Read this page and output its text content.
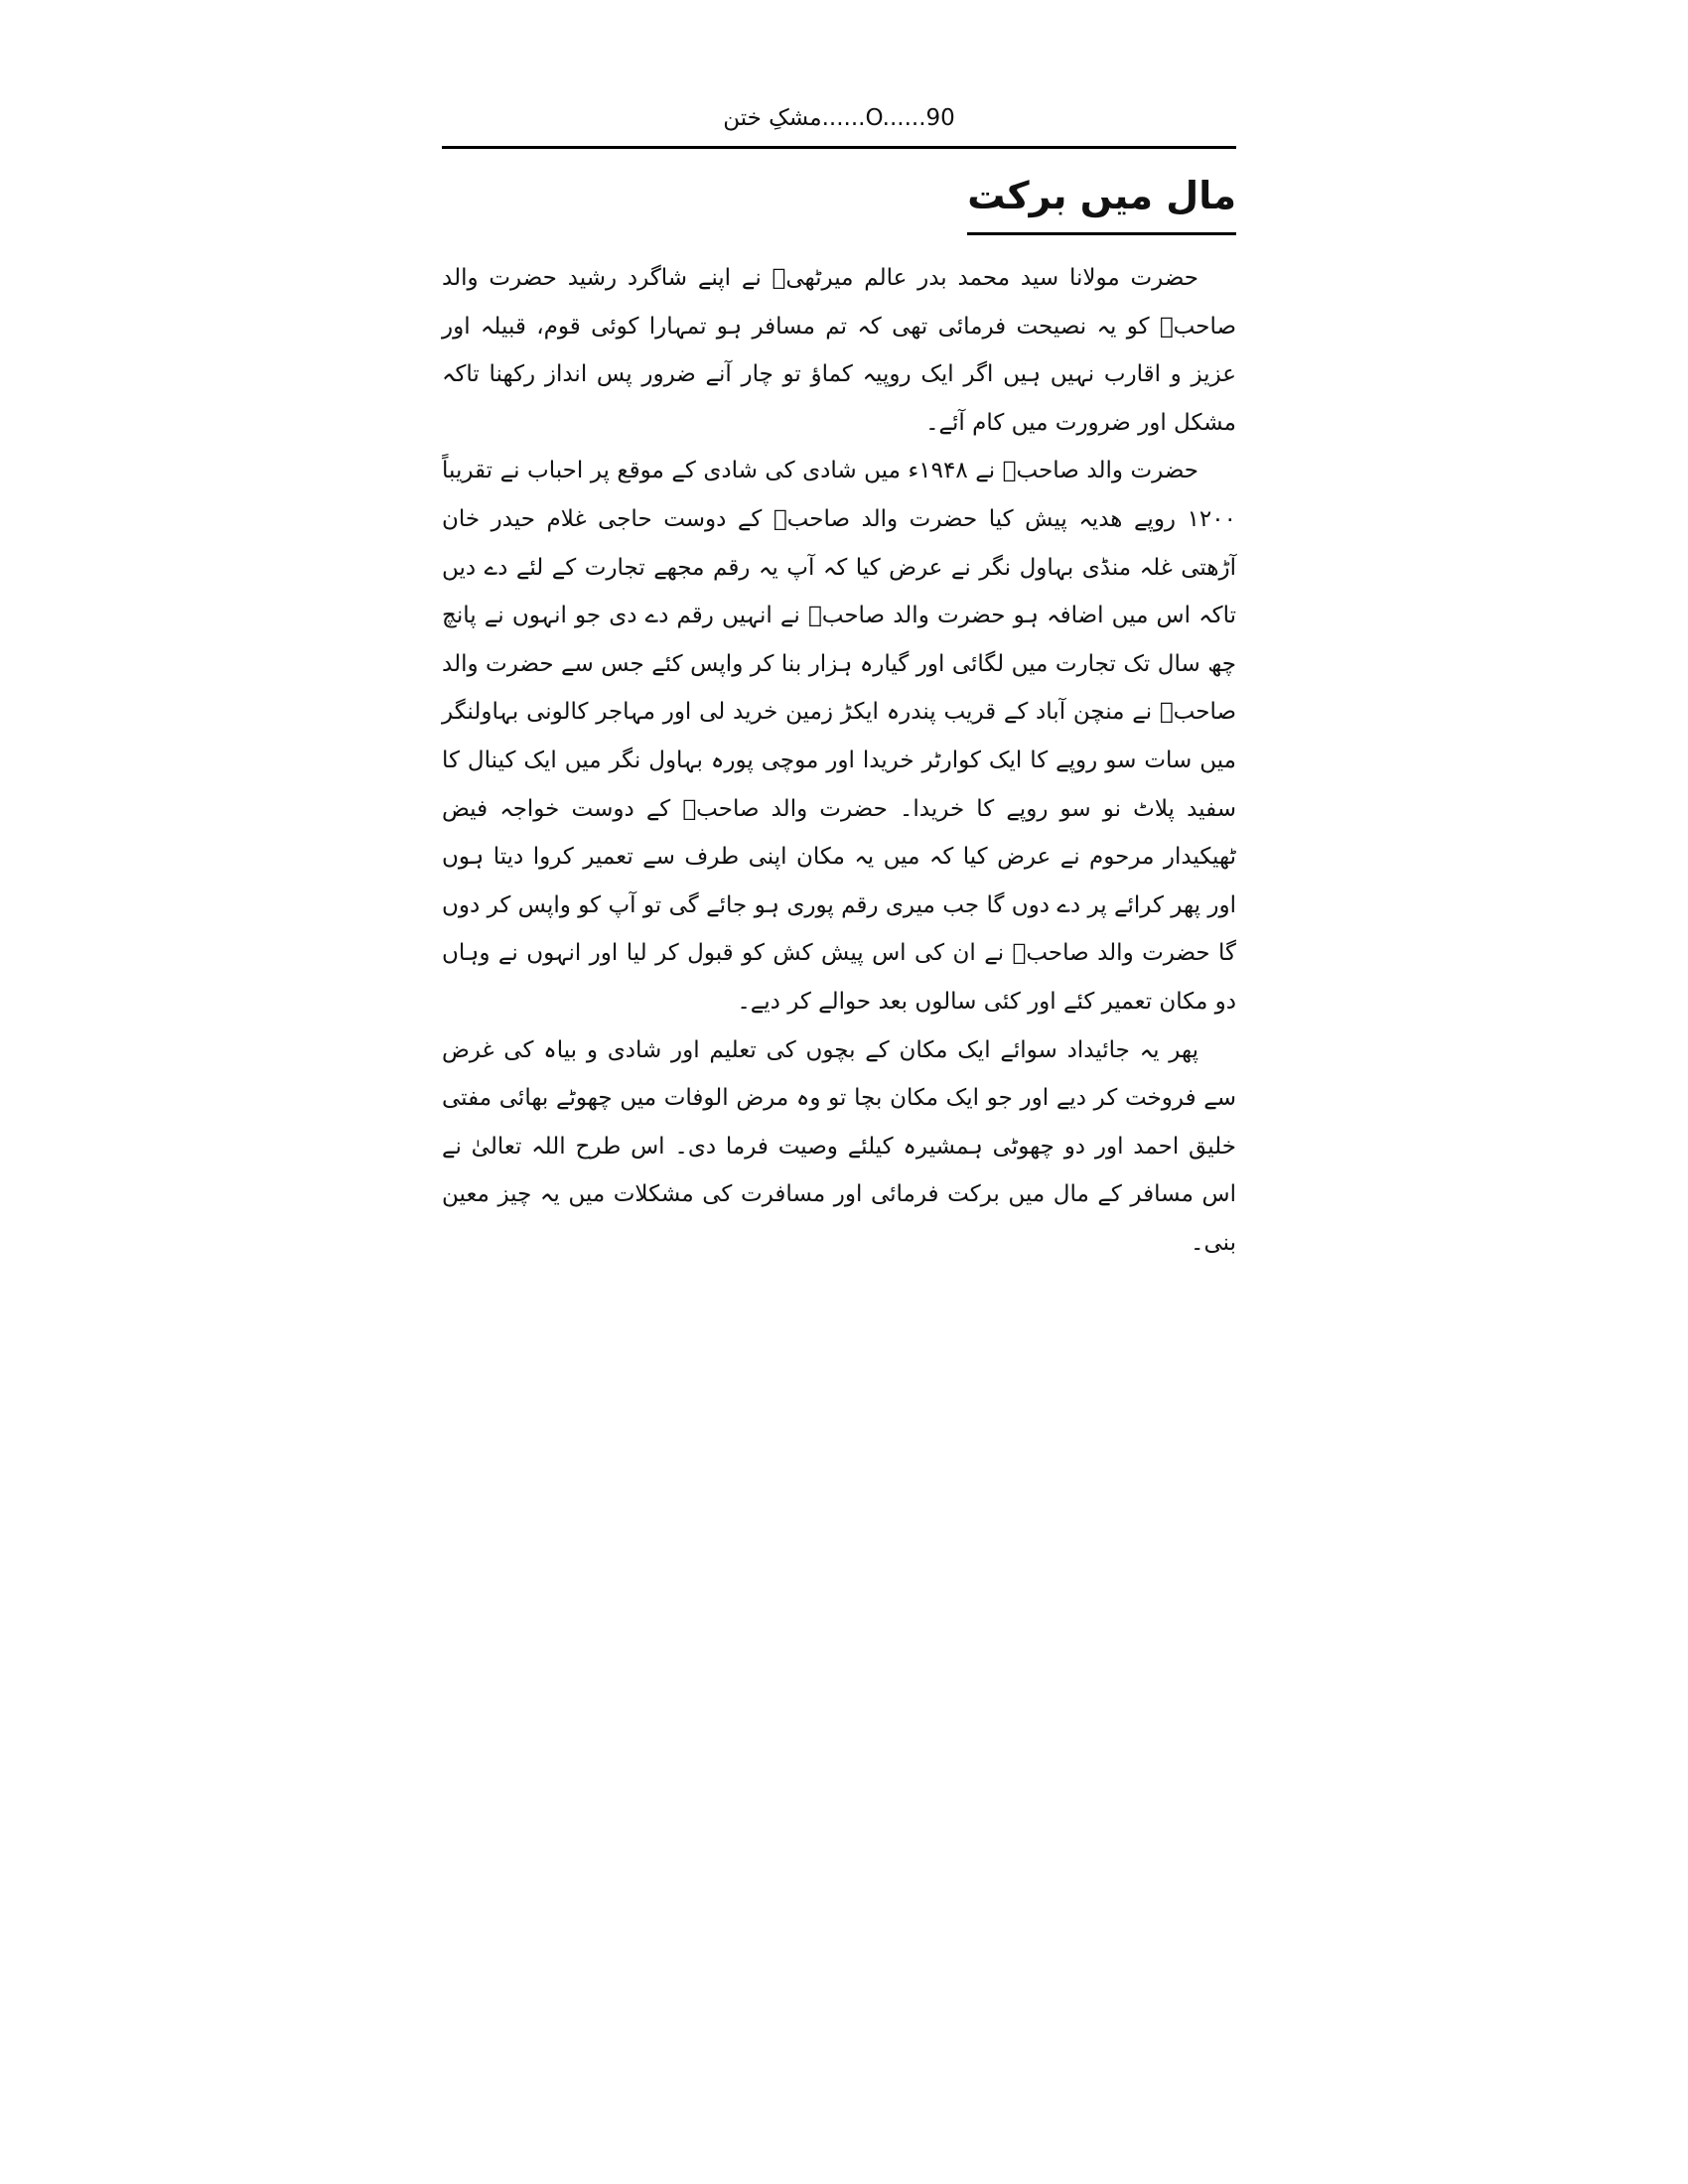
مشکِ ختن......O......90
مال میں برکت

حضرت مولانا سید محمد بدر عالم میرٹھیؒ نے اپنے شاگرد رشید حضرت والد صاحبؒ کو یہ نصیحت فرمائی تھی کہ تم مسافر ہو تمہارا کوئی قوم، قبیلہ اور عزیز و اقارب نہیں ہیں اگر ایک روپیہ کماؤ تو چار آنے ضرور پس انداز رکھنا تاکہ مشکل اور ضرورت میں کام آئے۔

حضرت والد صاحبؒ نے ۱۹۴۸ء میں شادی کی شادی کے موقع پر احباب نے تقریباً ۱۲۰۰ روپے ھدیہ پیش کیا حضرت والد صاحبؒ کے دوست حاجی غلام حیدر خان آڑھتی غلہ منڈی بہاول نگر نے عرض کیا کہ آپ یہ رقم مجھے تجارت کے لئے دے دیں تاکہ اس میں اضافہ ہو حضرت والد صاحبؒ نے انہیں رقم دے دی جو انہوں نے پانچ چھ سال تک تجارت میں لگائی اور گیارہ ہزار بنا کر واپس کئے جس سے حضرت والد صاحبؒ نے منچن آباد کے قریب پندرہ ایکڑ زمین خرید لی اور مہاجر کالونی بہاولنگر میں سات سو روپے کا ایک کوارٹر خریدا اور موچی پورہ بہاول نگر میں ایک کینال کا سفید پلاٹ نو سو روپے کا خریدا۔ حضرت والد صاحبؒ کے دوست خواجہ فیض ٹھیکیدار مرحوم نے عرض کیا کہ میں یہ مکان اپنی طرف سے تعمیر کروا دیتا ہوں اور پھر کرائے پر دے دوں گا جب میری رقم پوری ہو جائے گی تو آپ کو واپس کر دوں گا حضرت والد صاحبؒ نے ان کی اس پیش کش کو قبول کر لیا اور انہوں نے وہاں دو مکان تعمیر کئے اور کئی سالوں بعد حوالے کر دیے۔

پھر یہ جائیداد سوائے ایک مکان کے بچوں کی تعلیم اور شادی و بیاہ کی غرض سے فروخت کر دیے اور جو ایک مکان بچا تو وہ مرض الوفات میں چھوٹے بھائی مفتی خلیق احمد اور دو چھوٹی ہمشیرہ کیلئے وصیت فرما دی۔ اس طرح اللہ تعالیٰ نے اس مسافر کے مال میں برکت فرمائی اور مسافرت کی مشکلات میں یہ چیز معین بنی۔
